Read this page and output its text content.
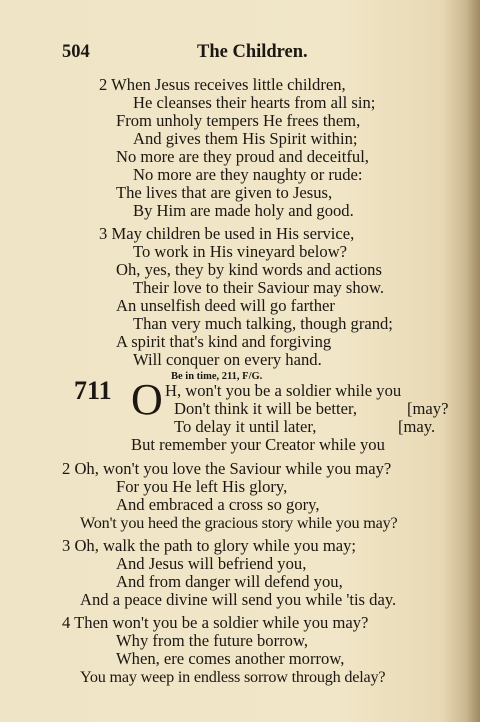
504	The Children.
2 When Jesus receives little children,
He cleanses their hearts from all sin;
From unholy tempers He frees them,
And gives them His Spirit within;
No more are they proud and deceitful,
No more are they naughty or rude:
The lives that are given to Jesus,
By Him are made holy and good.
3 May children be used in His service,
To work in His vineyard below?
Oh, yes, they by kind words and actions
Their love to their Saviour may show.
An unselfish deed will go farther
Than very much talking, though grand;
A spirit that's kind and forgiving
Will conquer on every hand.
Be in time, 211, F/G.
711 O H, won't you be a soldier while you
Don't think it will be better,	[may?
To delay it until later,	[may.
But remember your Creator while you
2 Oh, won't you love the Saviour while you may?
For you He left His glory,
And embraced a cross so gory,
Won't you heed the gracious story while you may?
3 Oh, walk the path to glory while you may;
And Jesus will befriend you,
And from danger will defend you,
And a peace divine will send you while 'tis day.
4 Then won't you be a soldier while you may?
Why from the future borrow,
When, ere comes another morrow,
You may weep in endless sorrow through delay?
